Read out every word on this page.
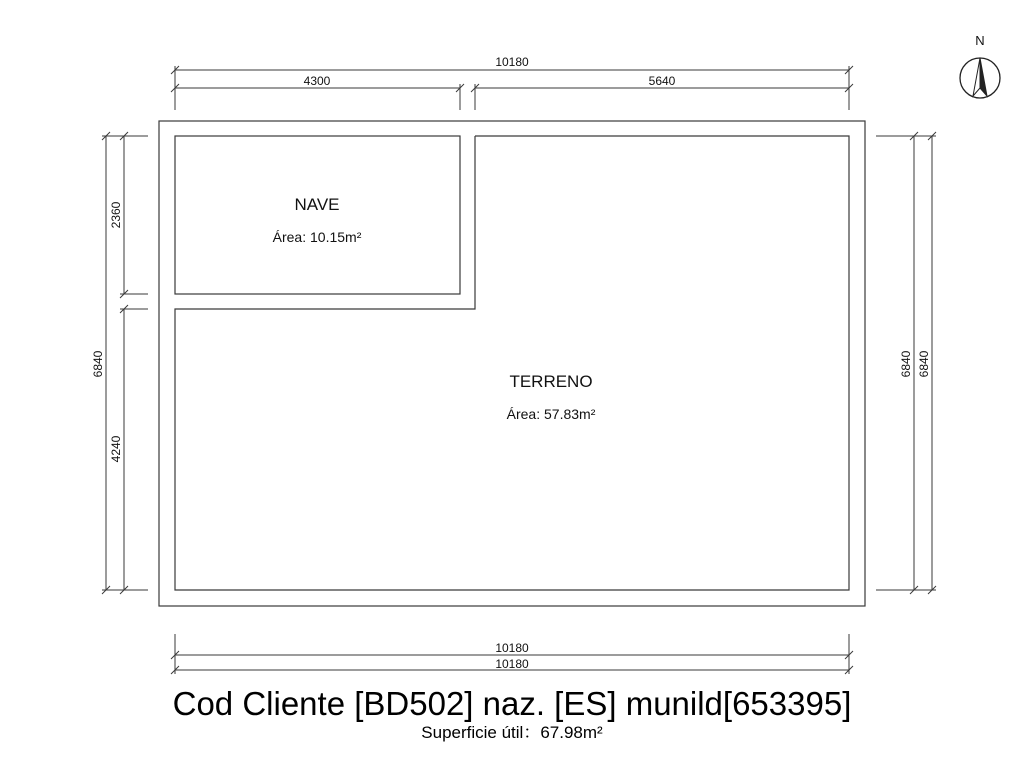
10180
4300	5640
6840
2360
4240
6840 6840
10180
10180
NAVE
Área: 10.15m²
TERRENO
Área: 57.83m²
N
Cod Cliente [BD502] naz. [ES] munild[653395]
Superficie útil：67.98m²
